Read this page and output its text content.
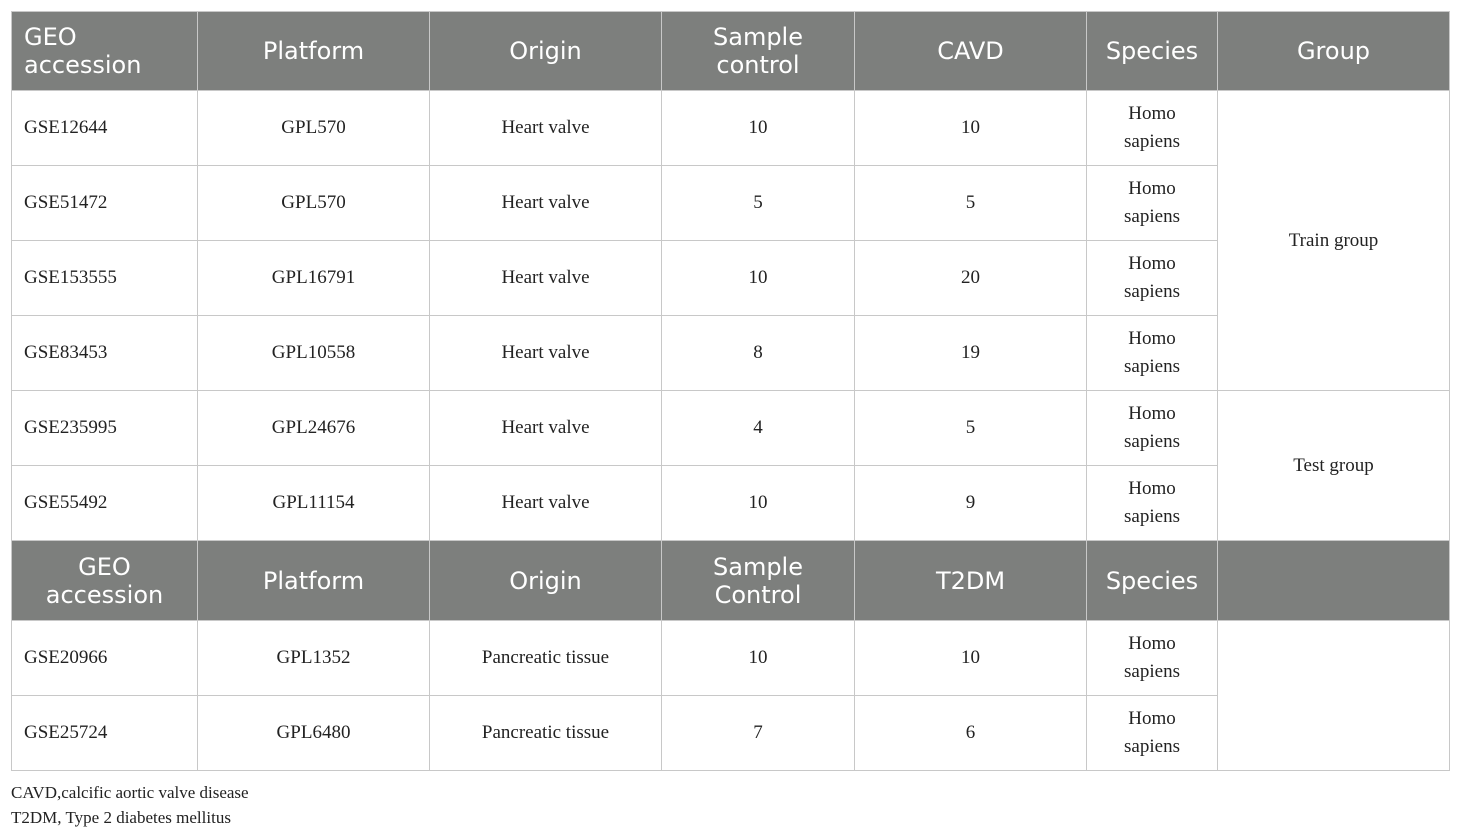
GEO accession	Platform	Origin	Sample control	CAVD	Species	Group
GSE12644	GPL570	Heart valve	10	10	Homo sapiens	Train group
GSE51472	GPL570	Heart valve	5	5	Homo sapiens	
GSE153555	GPL16791	Heart valve	10	20	Homo sapiens	
GSE83453	GPL10558	Heart valve	8	19	Homo sapiens	
GSE235995	GPL24676	Heart valve	4	5	Homo sapiens	Test group
GSE55492	GPL11154	Heart valve	10	9	Homo sapiens	
GEO accession	Platform	Origin	Sample Control	T2DM	Species	
GSE20966	GPL1352	Pancreatic tissue	10	10	Homo sapiens	
GSE25724	GPL6480	Pancreatic tissue	7	6	Homo sapiens	
CAVD,calcific aortic valve disease
T2DM, Type 2 diabetes mellitus
